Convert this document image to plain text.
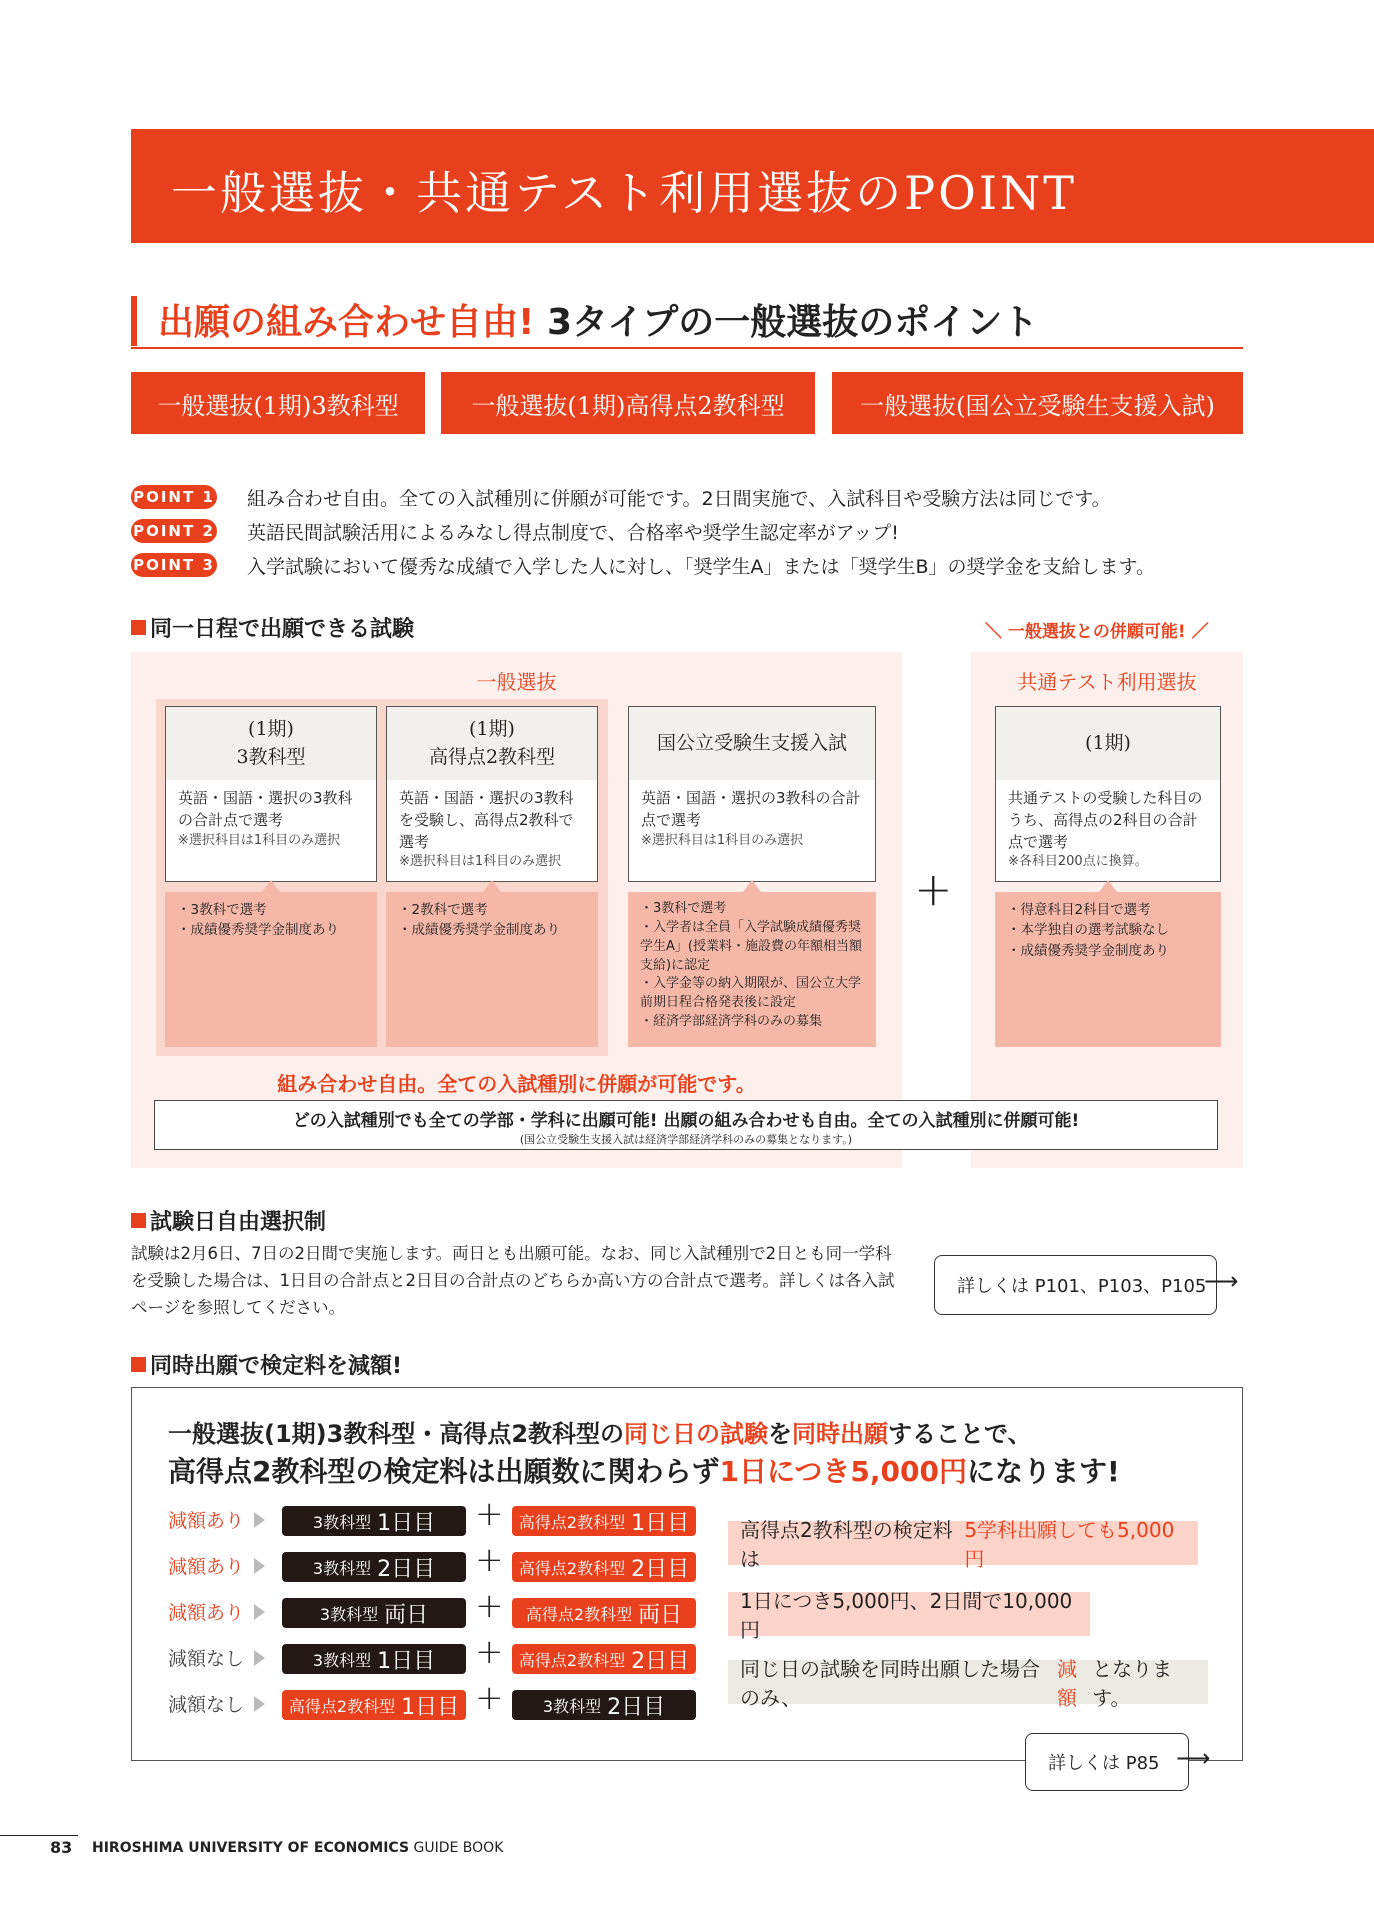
一般選抜・共通テスト利用選抜のPOINT
出願の組み合わせ自由! 3タイプの一般選抜のポイント
一般選抜(1期)3教科型	一般選抜(1期)高得点2教科型	一般選抜(国公立受験生支援入試)
POINT 1 組み合わせ自由。全ての入試種別に併願が可能です。2日間実施で、入試科目や受験方法は同じです。
POINT 2 英語民間試験活用によるみなし得点制度で、合格率や奨学生認定率がアップ!
POINT 3 入学試験において優秀な成績で入学した人に対し、「奨学生A」または「奨学生B」の奨学金を支給します。
同一日程で出願できる試験	＼ 一般選抜との併願可能! ／
一般選抜	共通テスト利用選抜
(1期)
3教科型
英語・国語・選択の3教科の合計点で選考
※選択科目は1科目のみ選択
・3教科で選考
・成績優秀奨学金制度あり
(1期)
高得点2教科型
英語・国語・選択の3教科を受験し、高得点2教科で選考
※選択科目は1科目のみ選択
・2教科で選考
・成績優秀奨学金制度あり
国公立受験生支援入試
英語・国語・選択の3教科の合計点で選考
※選択科目は1科目のみ選択
・3教科で選考
・入学者は全員「入学試験成績優秀奨学生A」(授業料・施設費の年額相当額支給)に認定
・入学金等の納入期限が、国公立大学前期日程合格発表後に設定
・経済学部経済学科のみの募集
+
(1期)
共通テストの受験した科目のうち、高得点の2科目の合計点で選考
※各科目200点に換算。
・得意科目2科目で選考
・本学独自の選考試験なし
・成績優秀奨学金制度あり
組み合わせ自由。全ての入試種別に併願が可能です。
どの入試種別でも全ての学部・学科に出願可能! 出願の組み合わせも自由。全ての入試種別に併願可能!
(国公立受験生支援入試は経済学部経済学科のみの募集となります。)
試験日自由選択制
試験は2月6日、7日の2日間で実施します。両日とも出願可能。なお、同じ入試種別で2日とも同一学科を受験した場合は、1日目の合計点と2日目の合計点のどちらか高い方の合計点で選考。詳しくは各入試ページを参照してください。
詳しくは P101、P103、P105
⟶
同時出願で検定料を減額!
一般選抜(1期)3教科型・高得点2教科型の同じ日の試験を同時出願することで、
高得点2教科型の検定料は出願数に関わらず1日につき5,000円になります!
減額あり	3教科型 1日目 + 高得点2教科型 1日目
減額あり	3教科型 2日目 + 高得点2教科型 2日目
減額あり	3教科型 両日 + 高得点2教科型 両日
減額なし	3教科型 1日目 + 高得点2教科型 2日目
減額なし	高得点2教科型 1日目 + 3教科型 2日目
高得点2教科型の検定料は
5学科出願しても5,000円
1日につき5,000円、2日間で10,000円
同じ日の試験を同時出願した場合のみ、
減額
となります。
詳しくは P85 ⟶
83 HIROSHIMA UNIVERSITY OF ECONOMICS GUIDE BOOK
